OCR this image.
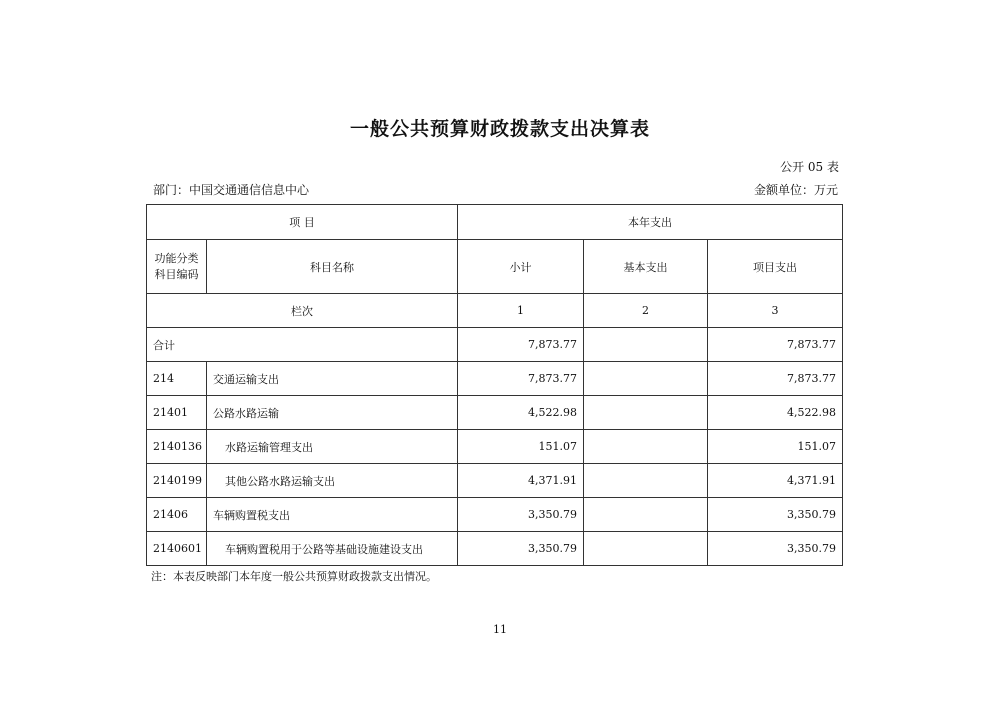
一般公共预算财政拨款支出决算表
公开 05 表
部门：中国交通通信信息中心	金额单位：万元
项 目		本年支出		
功能分类科目编码	科目名称	小计	基本支出	项目支出
栏次		1	2	3
合计		7,873.77		7,873.77
214	交通运输支出	7,873.77		7,873.77
21401	公路水路运输	4,522.98		4,522.98
2140136	水路运输管理支出	151.07		151.07
2140199	其他公路水路运输支出	4,371.91		4,371.91
21406	车辆购置税支出	3,350.79		3,350.79
2140601	车辆购置税用于公路等基础设施建设支出	3,350.79		3,350.79
注：本表反映部门本年度一般公共预算财政拨款支出情况。
11
